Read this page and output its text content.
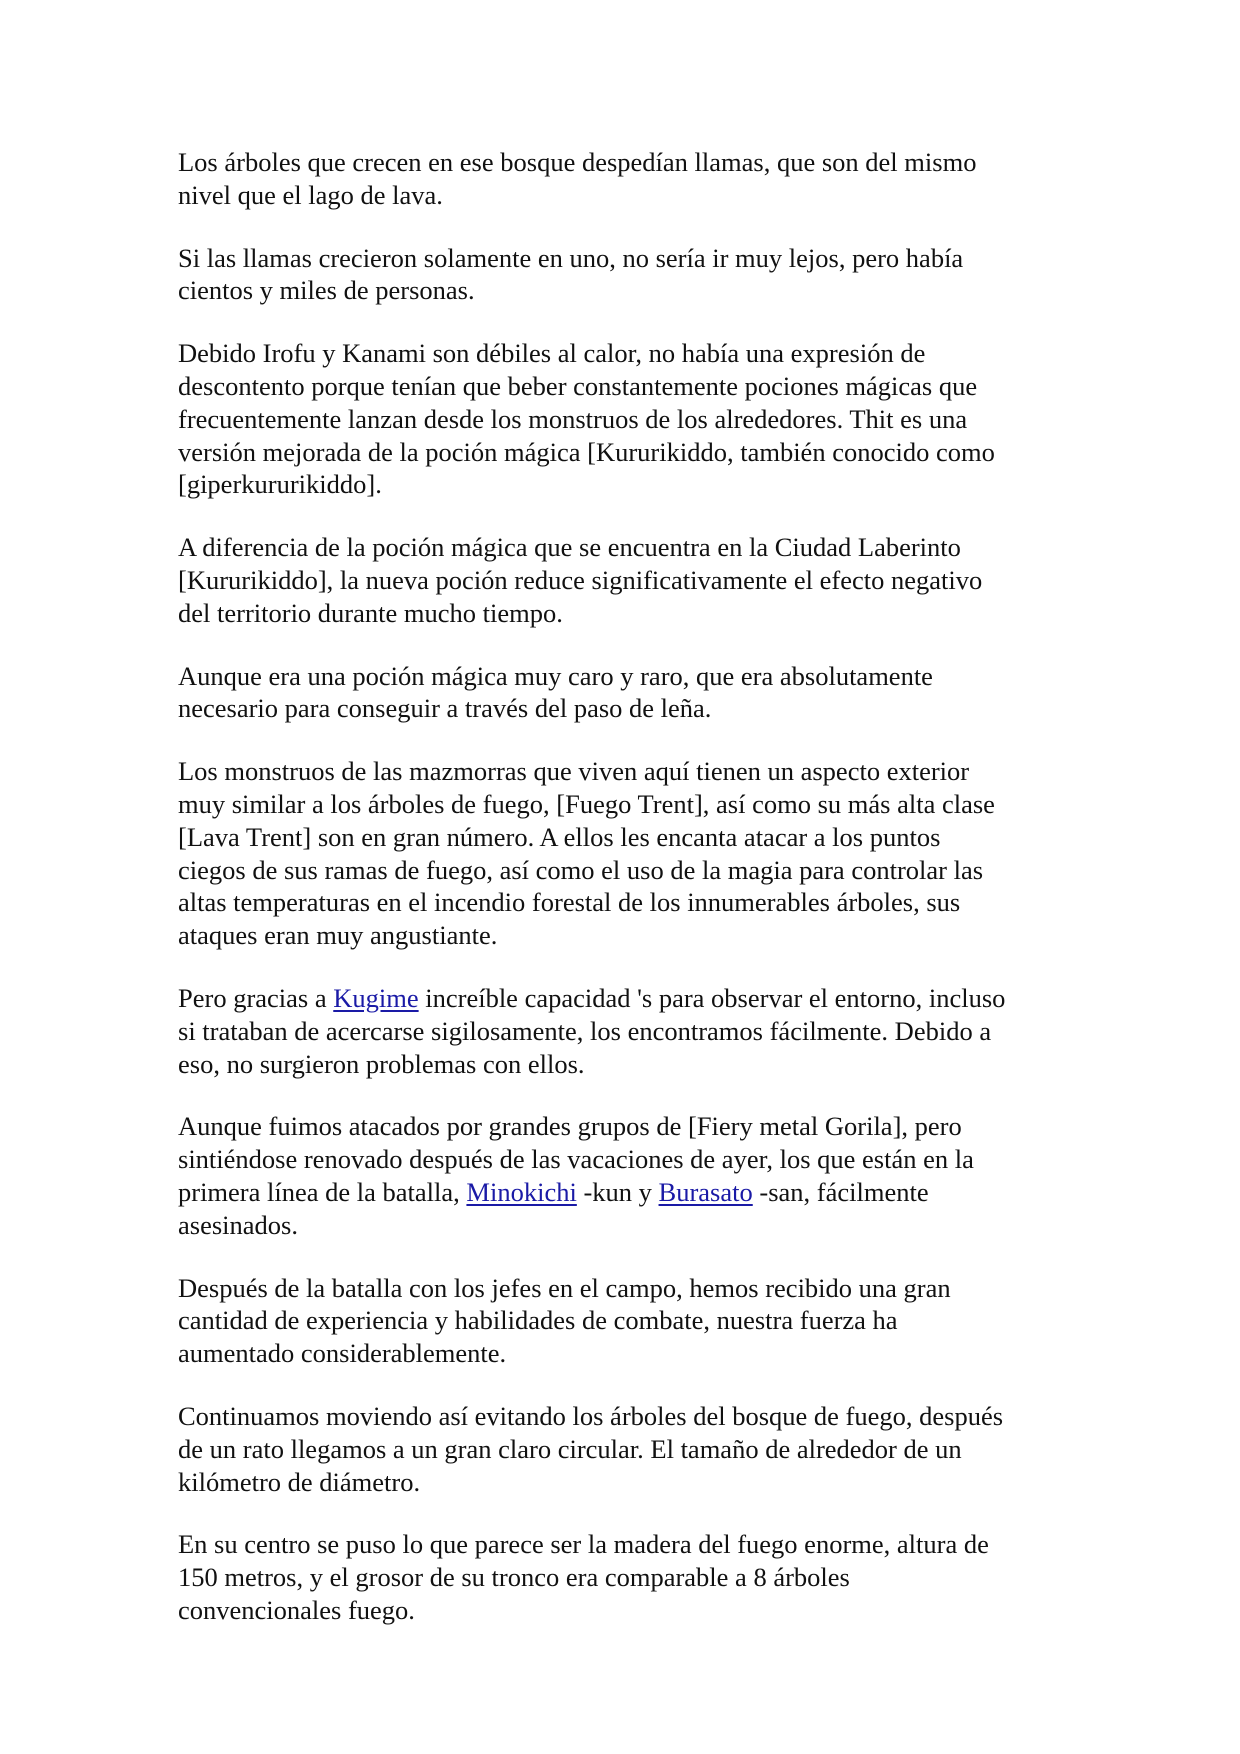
Los árboles que crecen en ese bosque despedían llamas, que son del mismo
nivel que el lago de lava.

Si las llamas crecieron solamente en uno, no sería ir muy lejos, pero había
cientos y miles de personas.

Debido Irofu y Kanami son débiles al calor, no había una expresión de
descontento porque tenían que beber constantemente pociones mágicas que
frecuentemente lanzan desde los monstruos de los alrededores. Thit es una
versión mejorada de la poción mágica [Kururikiddo, también conocido como
[giperkururikiddo].

A diferencia de la poción mágica que se encuentra en la Ciudad Laberinto
[Kururikiddo], la nueva poción reduce significativamente el efecto negativo
del territorio durante mucho tiempo.

Aunque era una poción mágica muy caro y raro, que era absolutamente
necesario para conseguir a través del paso de leña.

Los monstruos de las mazmorras que viven aquí tienen un aspecto exterior
muy similar a los árboles de fuego, [Fuego Trent], así como su más alta clase
[Lava Trent] son en gran número. A ellos les encanta atacar a los puntos
ciegos de sus ramas de fuego, así como el uso de la magia para controlar las
altas temperaturas en el incendio forestal de los innumerables árboles, sus
ataques eran muy angustiante.

Pero gracias a Kugime increíble capacidad 's para observar el entorno, incluso
si trataban de acercarse sigilosamente, los encontramos fácilmente. Debido a
eso, no surgieron problemas con ellos.

Aunque fuimos atacados por grandes grupos de [Fiery metal Gorila], pero
sintiéndose renovado después de las vacaciones de ayer, los que están en la
primera línea de la batalla, Minokichi -kun y Burasato -san, fácilmente
asesinados.

Después de la batalla con los jefes en el campo, hemos recibido una gran
cantidad de experiencia y habilidades de combate, nuestra fuerza ha
aumentado considerablemente.

Continuamos moviendo así evitando los árboles del bosque de fuego, después
de un rato llegamos a un gran claro circular. El tamaño de alrededor de un
kilómetro de diámetro.

En su centro se puso lo que parece ser la madera del fuego enorme, altura de
150 metros, y el grosor de su tronco era comparable a 8 árboles
convencionales fuego.
